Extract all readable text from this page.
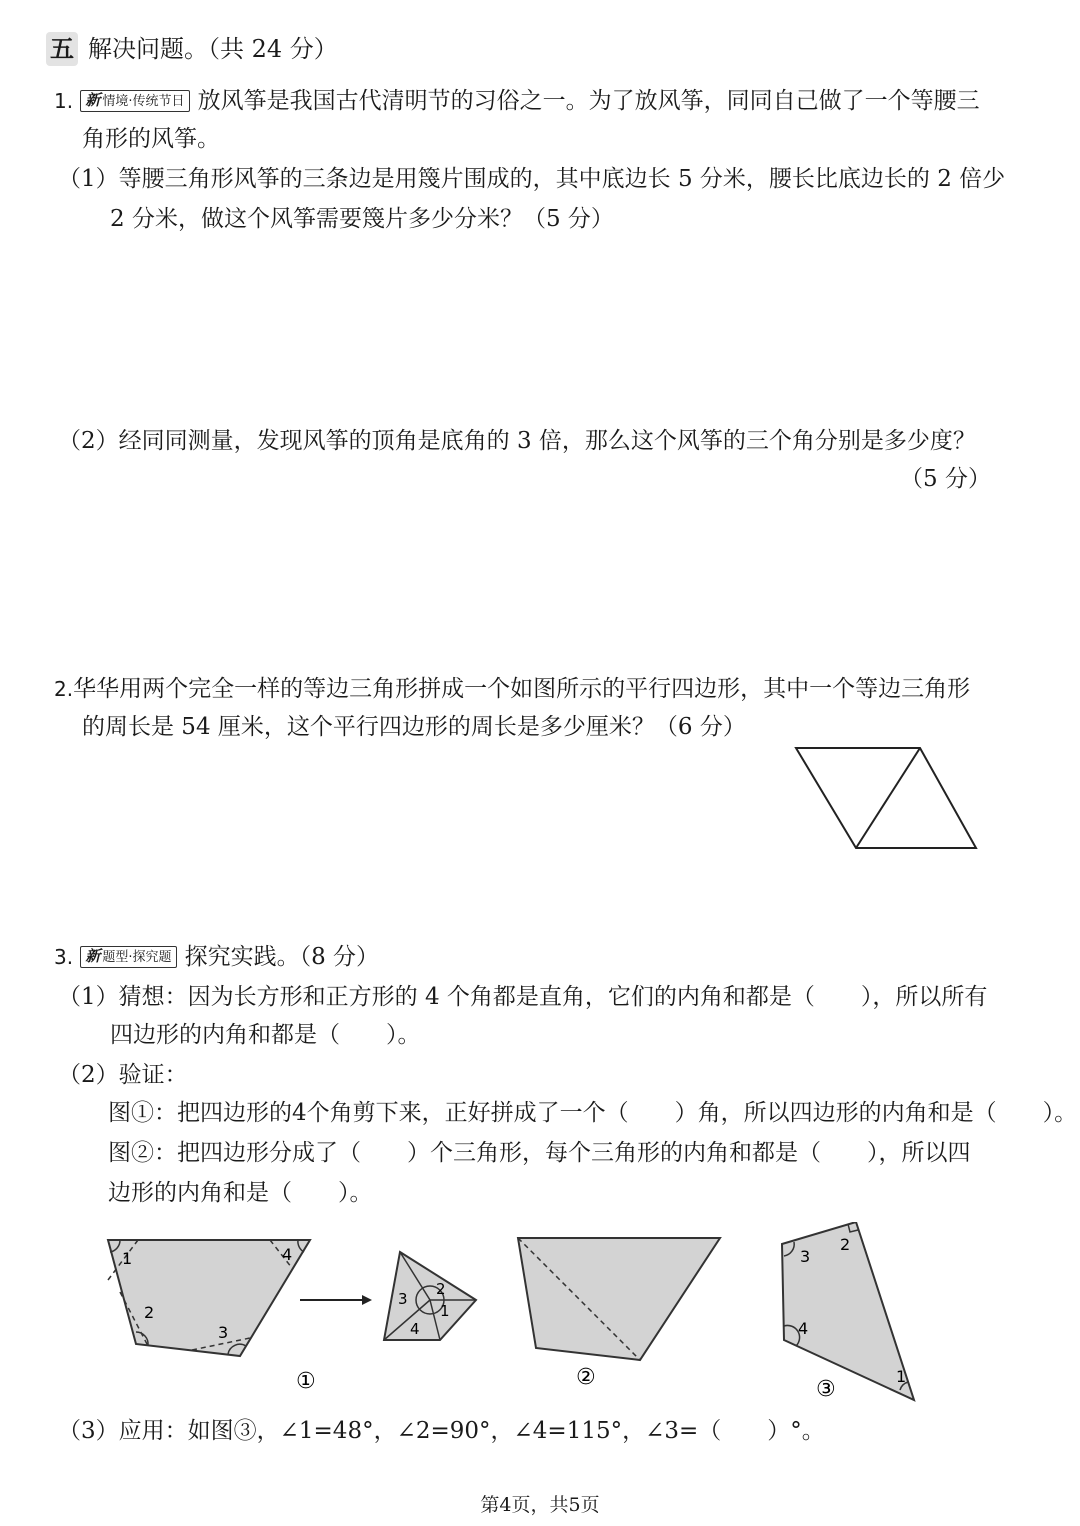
五 解决问题。（共 24 分）
1. 新 情境·传统节日 放风筝是我国古代清明节的习俗之一。为了放风筝，同同自己做了一个等腰三
角形的风筝。
（1）等腰三角形风筝的三条边是用篾片围成的，其中底边长 5 分米，腰长比底边长的 2 倍少
2 分米，做这个风筝需要篾片多少分米？（5 分）
（2）经同同测量，发现风筝的顶角是底角的 3 倍，那么这个风筝的三个角分别是多少度？
（5 分）
2.华华用两个完全一样的等边三角形拼成一个如图所示的平行四边形，其中一个等边三角形
的周长是 54 厘米，这个平行四边形的周长是多少厘米？（6 分）
3. 新 题型·探究题 探究实践。（8 分）
（1）猜想：因为长方形和正方形的 4 个角都是直角，它们的内角和都是（　　），所以所有
四边形的内角和都是（　　）。
（2）验证：
图①：把四边形的4个角剪下来，正好拼成了一个（　　）角，所以四边形的内角和是（　　）。
图②：把四边形分成了（　　）个三角形，每个三角形的内角和都是（　　），所以四
边形的内角和是（　　）。
1
2
3
4
2
3
1
4
①	②
3
2
4
1
③
（3）应用：如图③，∠1=48°，∠2=90°，∠4=115°，∠3=（　　）°。
第4页，共5页
